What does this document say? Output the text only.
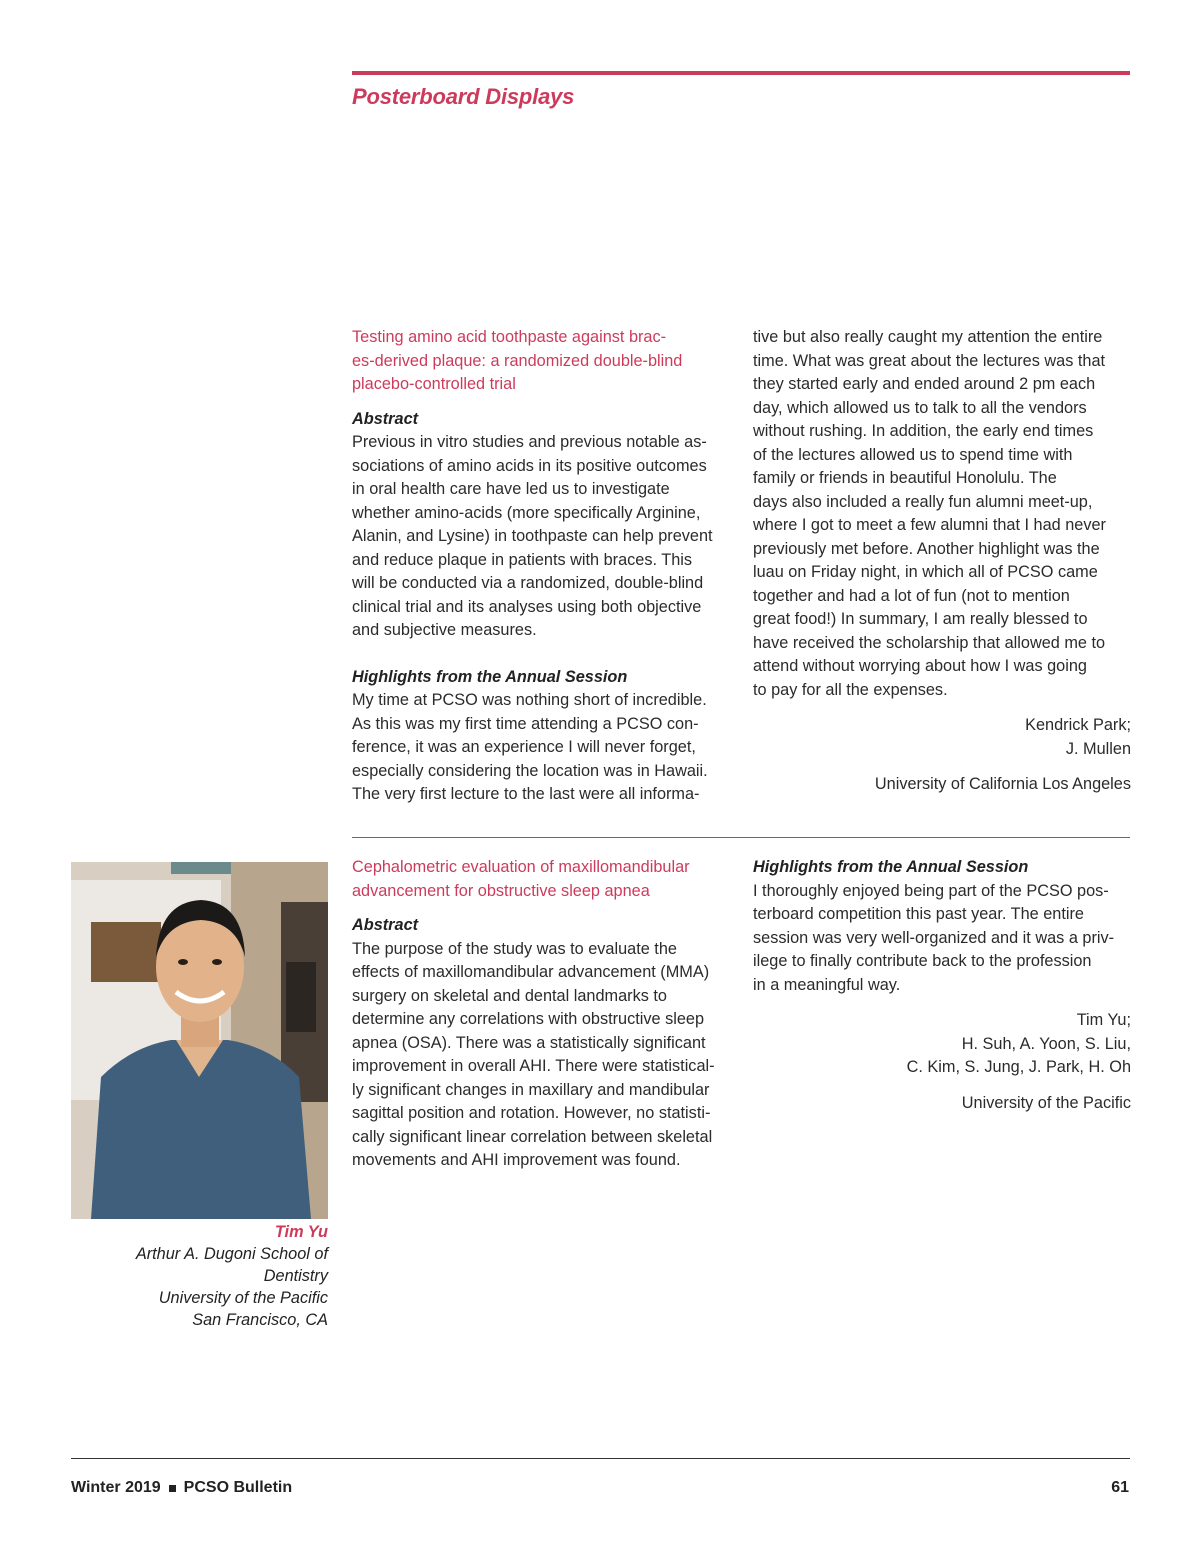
Posterboard Displays
Testing amino acid toothpaste against brac-
es-derived plaque: a randomized double-blind
placebo-controlled trial
Abstract
Previous in vitro studies and previous notable as-
sociations of amino acids in its positive outcomes
in oral health care have led us to investigate
whether amino-acids (more specifically Arginine,
Alanin, and Lysine) in toothpaste can help prevent
and reduce plaque in patients with braces. This
will be conducted via a randomized, double-blind
clinical trial and its analyses using both objective
and subjective measures.
Highlights from the Annual Session
My time at PCSO was nothing short of incredible.
As this was my first time attending a PCSO con-
ference, it was an experience I will never forget,
especially considering the location was in Hawaii.
The very first lecture to the last were all informa-
tive but also really caught my attention the entire
time. What was great about the lectures was that
they started early and ended around 2 pm each
day, which allowed us to talk to all the vendors
without rushing. In addition, the early end times
of the lectures allowed us to spend time with
family or friends in beautiful Honolulu. The
days also included a really fun alumni meet-up,
where I got to meet a few alumni that I had never
previously met before. Another highlight was the
luau on Friday night, in which all of PCSO came
together and had a lot of fun (not to mention
great food!) In summary, I am really blessed to
have received the scholarship that allowed me to
attend without worrying about how I was going
to pay for all the expenses.
Kendrick Park;
J. Mullen
University of California Los Angeles
Tim Yu
Arthur A. Dugoni School of
Dentistry
University of the Pacific
San Francisco, CA
Cephalometric evaluation of maxillomandibular
advancement for obstructive sleep apnea
Abstract
The purpose of the study was to evaluate the
effects of maxillomandibular advancement (MMA)
surgery on skeletal and dental landmarks to
determine any correlations with obstructive sleep
apnea (OSA). There was a statistically significant
improvement in overall AHI. There were statistical-
ly significant changes in maxillary and mandibular
sagittal position and rotation. However, no statisti-
cally significant linear correlation between skeletal
movements and AHI improvement was found.
Highlights from the Annual Session
I thoroughly enjoyed being part of the PCSO pos-
terboard competition this past year. The entire
session was very well-organized and it was a priv-
ilege to finally contribute back to the profession
in a meaningful way.
Tim Yu;
H. Suh, A. Yoon, S. Liu,
C. Kim, S. Jung, J. Park, H. Oh
University of the Pacific
Winter 2019 PCSO Bulletin	61
